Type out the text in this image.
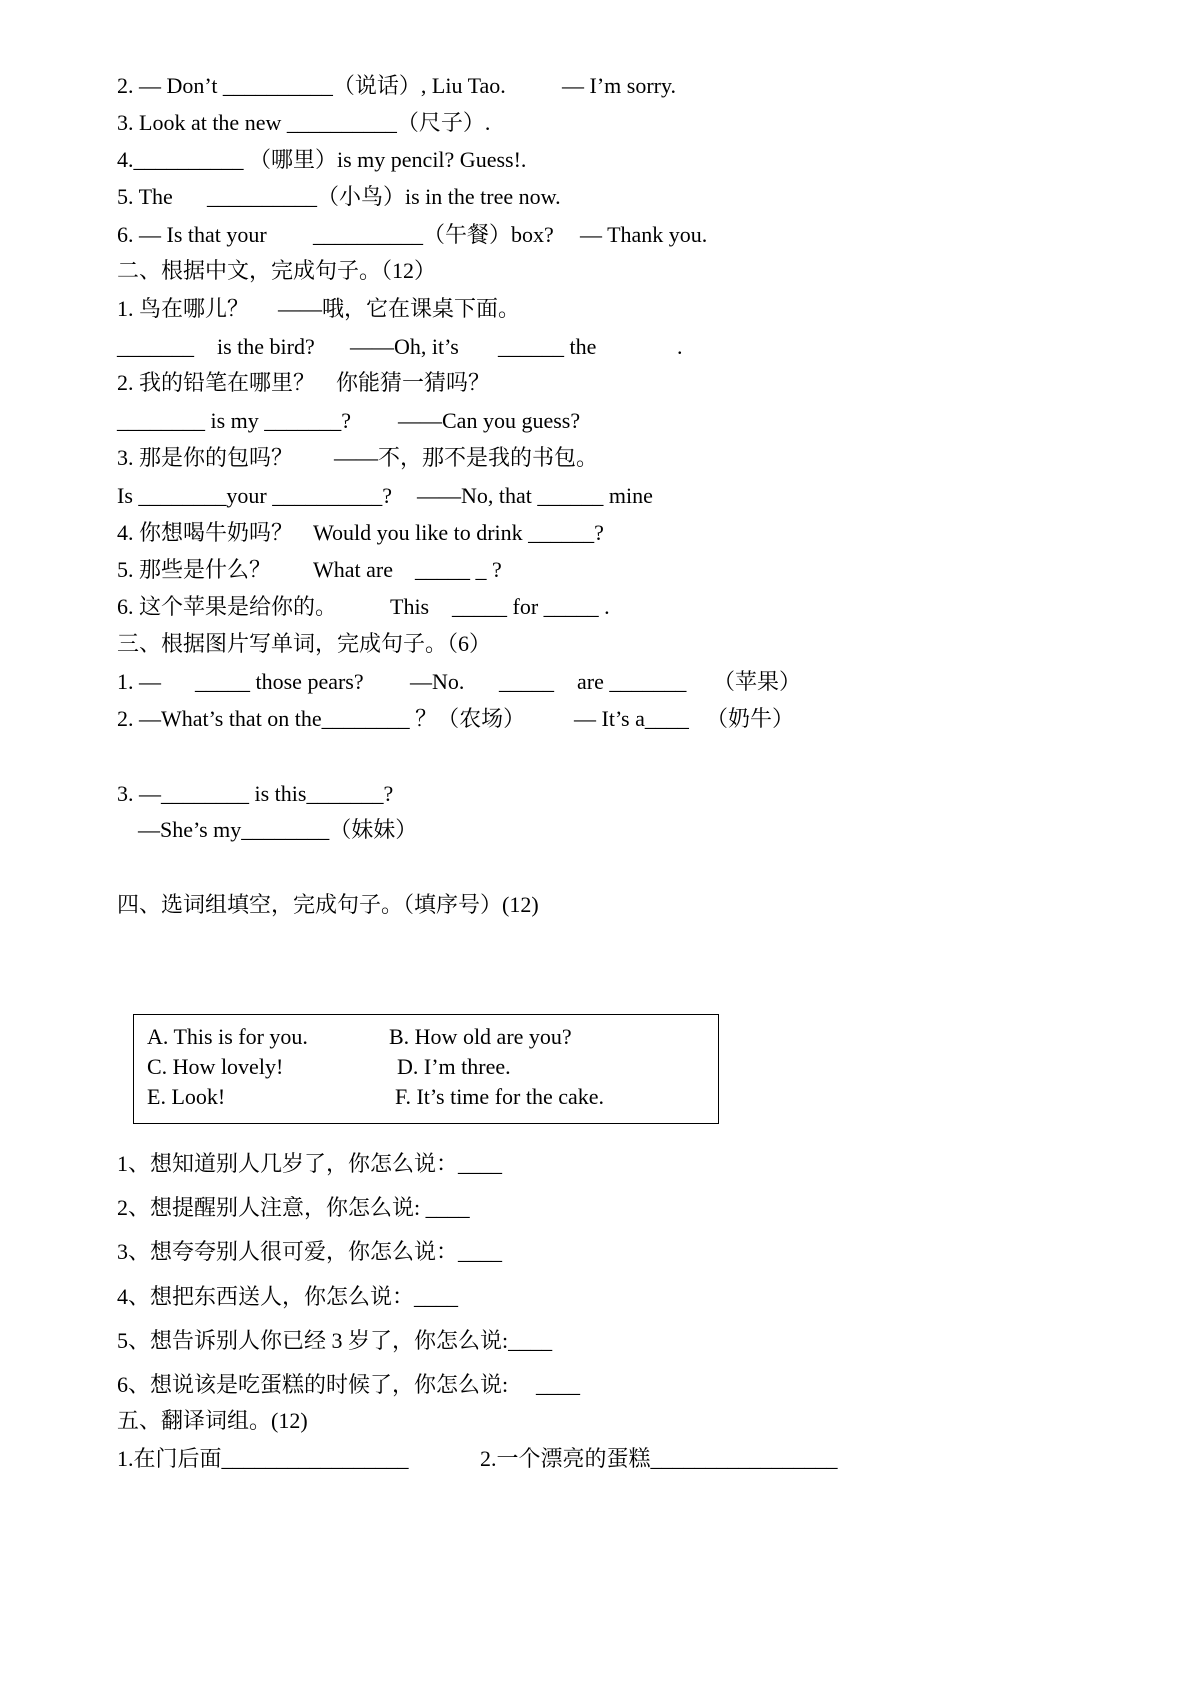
2. — Don’t __________（说话）, Liu Tao.	— I’m sorry.
3. Look at the new __________（尺子）.
4.__________ （哪里）is my pencil? Guess!.
5. The __________（小鸟）is in the tree now.
6. — Is that your __________（午餐）box? — Thank you.
二、根据中文，完成句子。（12）
1. 鸟在哪儿？ ——哦，它在课桌下面。
_______ is the bird? ——Oh, it’s ______ the	.
2. 我的铅笔在哪里？ 你能猜一猜吗？
________ is my _______? ——Can you guess?
3. 那是你的包吗？ ——不，那不是我的书包。
Is ________your __________? ——No, that ______ mine
4. 你想喝牛奶吗？ Would you like to drink ______?
5. 那些是什么？ What are _____ _ ?
6. 这个苹果是给你的。 This _____ for _____ .
三、根据图片写单词，完成句子。（6）
1. — _____ those pears? —No. _____ are _______ （苹果）
2. —What’s that on the________ ？（农场） — It’s a____ （奶牛）
3. —________ is this_______?
—She’s my________（妹妹）
四、选词组填空，完成句子。（填序号）(12)
A. This is for you.	B. How old are you?
C. How lovely!	D. I’m three.
E. Look!	F. It’s time for the cake.
1、想知道别人几岁了，你怎么说：____
2、想提醒别人注意，你怎么说: ____
3、想夸夸别人很可爱，你怎么说：____
4、想把东西送人，你怎么说：____
5、想告诉别人你已经 3 岁了，你怎么说:____
6、想说该是吃蛋糕的时候了，你怎么说: ____
五、翻译词组。(12)
1.在门后面_________________	2.一个漂亮的蛋糕_________________
